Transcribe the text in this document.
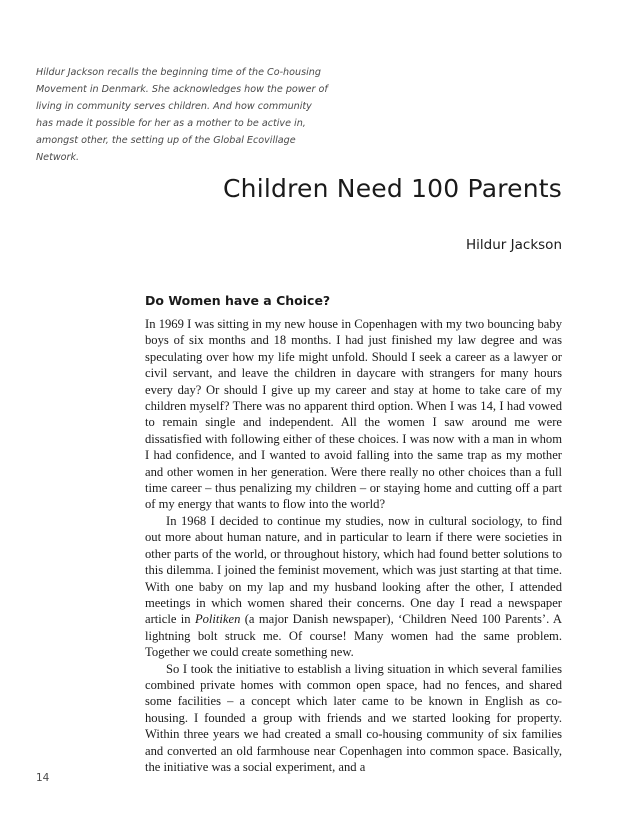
Hildur Jackson recalls the beginning time of the Co-housing Movement in Denmark. She acknowledges how the power of living in community serves children. And how community has made it possible for her as a mother to be active in, amongst other, the setting up of the Global Ecovillage Network.

Children Need 100 Parents

Hildur Jackson

Do Women have a Choice?

In 1969 I was sitting in my new house in Copenhagen with my two bouncing baby boys of six months and 18 months. I had just finished my law degree and was speculating over how my life might unfold. Should I seek a career as a lawyer or civil servant, and leave the children in daycare with strangers for many hours every day? Or should I give up my career and stay at home to take care of my children myself? There was no apparent third option. When I was 14, I had vowed to remain single and independent. All the women I saw around me were dissatisfied with following either of these choices. I was now with a man in whom I had confidence, and I wanted to avoid falling into the same trap as my mother and other women in her generation. Were there really no other choices than a full time career – thus penalizing my children – or staying home and cutting off a part of my energy that wants to flow into the world?

In 1968 I decided to continue my studies, now in cultural sociology, to find out more about human nature, and in particular to learn if there were societies in other parts of the world, or throughout history, which had found better solutions to this dilemma. I joined the feminist movement, which was just starting at that time. With one baby on my lap and my husband looking after the other, I attended meetings in which women shared their concerns. One day I read a newspaper article in Politiken (a major Danish newspaper), ‘Children Need 100 Parents’. A lightning bolt struck me. Of course! Many women had the same problem. Together we could create something new.

So I took the initiative to establish a living situation in which several families combined private homes with common open space, had no fences, and shared some facilities – a concept which later came to be known in English as co-housing. I founded a group with friends and we started looking for property. Within three years we had created a small co-housing community of six families and converted an old farmhouse near Copenhagen into common space. Basically, the initiative was a social experiment, and a

14
